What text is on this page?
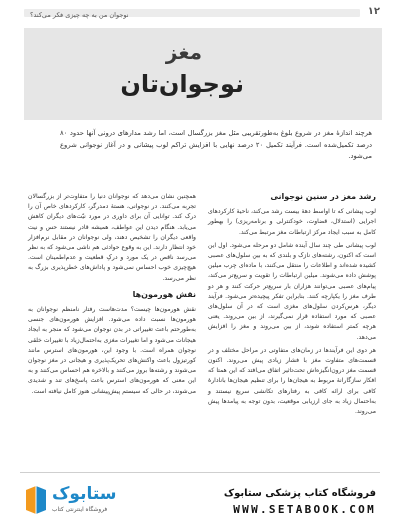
۱۲
نوجوان من به چه چیزی فکر می‌کند؟
مغز
نوجوان‌تان

هرچند اندازهٔ مغز در شروع بلوغ به‌طورتقریبی مثل مغز بزرگسال است، اما رشد مدارهای درونی آنها حدود ۸۰ درصد تکمیل‌شده است. فرآیند تکمیل ۲۰ درصد نهایی با افزایش تراکم لوب پیشانی و در آغاز نوجوانی شروع می‌شود.

رشد مغز در سنین نوجوانی

لوب پیشانی که تا اواسط دههٔ بیست رشد می‌کند، ناحیهٔ کارکردهای اجرایی (استدلال، قضاوت، خودکنترلی و برنامه‌ریزی) را بهطور کامل به سبب ایجاد مرکز ارتباطات مغز مرتبط می‌کند.

لوب پیشانی طی چند سال آینده شامل دو مرحله می‌شود. اول این است که اکنون، رشته‌های نازک و بلندی که به بین سلول‌های عصبی کشیده شده‌اند و اطلاعات را منتقل می‌کنند، با ماده‌ای چرب میلین پوشش داده می‌شوند. میلین ارتباطات را تقویت و سریع‌تر می‌کند، پیام‌های عصبی می‌توانند هزاران بار سریع‌تر حرکت کنند و هر دو طرف مغز را یکپارچه کنند. بنابراین تفکر پیچیده‌تر می‌شود. فرآیند دیگر، هرس‌کردن سلول‌های مغزی است که در آن سلول‌های عصبی که مورد استفاده قرار نمی‌گیرند، از بین می‌روند. یعنی هرچه کمتر استفاده شوند، از بین می‌روند و مغز را افزایش می‌دهد.

هر دوی این فرآیندها در زمان‌های متفاوتی در مراحل مختلف و در قسمت‌های متفاوت مغز با فشار زیادی پیش می‌روند. اکنون قسمت مغز درون‌انگیزه‌اش تحت‌تاثیر اتفاق می‌افتد که این همتا که افکار سازگارانهٔ مربوط به هیجان‌ها را برای تنظیم هیجان‌ها بانادارهٔ کافی برای ارائه کافی به رفتارهای تکانشی سریع نیستند و به‌احتمال زیاد به جای ارزیابی موقعیت، بدون توجه به پیامدها پیش می‌روند.

همچنین نشان می‌دهد که نوجوانان دنیا را متفاوت‌تر از بزرگسالان تجربه می‌کنند. در نوجوانی، هستهٔ دمدرگر، کارکردهای خاص آن را درک کند. توانایی آن برای داوری در مورد نیّت‌های دیگران کاهش می‌یابد. هنگام دیدن این عواطف، همیشه قادر نیستند حس و نیت واقعی دیگران را تشخیص دهند، ولی نوجوانان در مقابل نرم‌افزار خود انتظار دارند. این به وقوع حوادثی هم ناشی می‌شود که به نظر می‌رسد ناقص در یک مورد و درکِ قطعیت و عدم‌اطمینان است. هیچ‌چیزی خوب احساس نمی‌شود و پاداش‌های خطرپذیری بزرگ به نظر می‌رسد.

نقش هورمون‌ها

نقش هورمون‌ها چیست؟ مدت‌هاست رفتار نامنظم نوجوانان به هورمون‌ها نسبت داده می‌شود. افزایش هورمون‌های جنسی به‌طورحتم باعث تغییراتی در بدن نوجوان می‌شود که منجر به ایجاد هیجانات می‌شود و اما تغییرات مغزی به‌احتمال‌زیاد با تغییرات خلقی نوجوان همراه است. با وجود این، هورمون‌های استرس مانند کورتیزول باعث واکنش‌های تحریک‌پذیری و هیجانی در مغز نوجوان می‌شوند و رشته‌ها بروز می‌کنند و بالاخره هم احساس می‌کنند و به این معنی که هورمون‌های استرس باعث پاسخ‌های تند و شدیدی می‌شوند، در حالی که سیستم پیش‌پیشانی هنوز کامل نیافته است.

ستابوک
فروشگاه اینترنتی کتاب
فروشگاه کتاب پزشکی ستابوک
WWW.SETABOOK.COM
